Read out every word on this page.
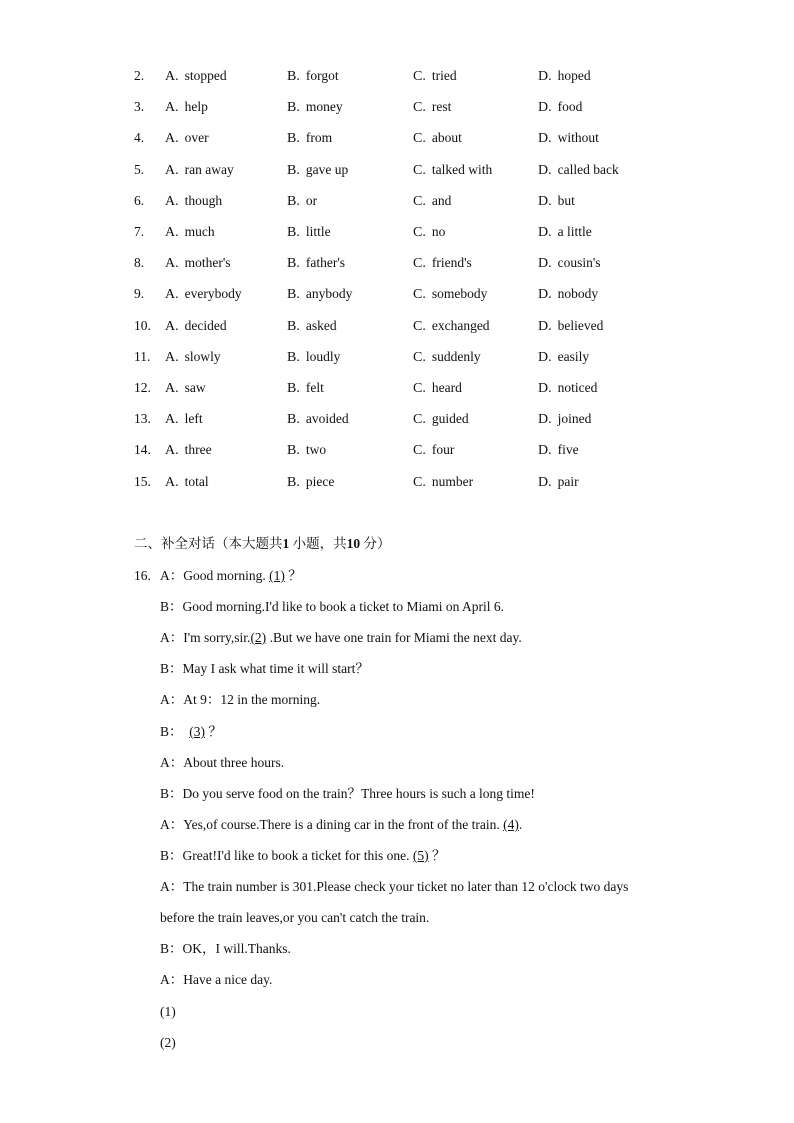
2. A. stopped	B. forgot	C. tried	D. hoped
3. A. help	B. money	C. rest	D. food
4. A. over	B. from	C. about	D. without
5. A. ran away	B. gave up	C. talked with	D. called back
6. A. though	B. or	C. and	D. but
7. A. much	B. little	C. no	D. a little
8. A. mother's	B. father's	C. friend's	D. cousin's
9. A. everybody	B. anybody	C. somebody	D. nobody
10. A. decided	B. asked	C. exchanged	D. believed
11. A. slowly	B. loudly	C. suddenly	D. easily
12. A. saw	B. felt	C. heard	D. noticed
13. A. left	B. avoided	C. guided	D. joined
14. A. three	B. two	C. four	D. five
15. A. total	B. piece	C. number	D. pair
二、补全对话（本大题共1 小题，共10 分）
16. A：Good morning. (1) ？
B：Good morning.I'd like to book a ticket to Miami on April 6.
A：I'm sorry,sir.(2) .But we have one train for Miami the next day.
B：May I ask what time it will start？
A：At 9：12 in the morning.
B： (3) ？
A：About three hours.
B：Do you serve food on the train？Three hours is such a long time!
A：Yes,of course.There is a dining car in the front of the train. (4).
B：Great!I'd like to book a ticket for this one. (5) ？
A：The train number is 301.Please check your ticket no later than 12 o'clock two days
before the train leaves,or you can't catch the train.
B：OK，I will.Thanks.
A：Have a nice day.
(1)
(2)
